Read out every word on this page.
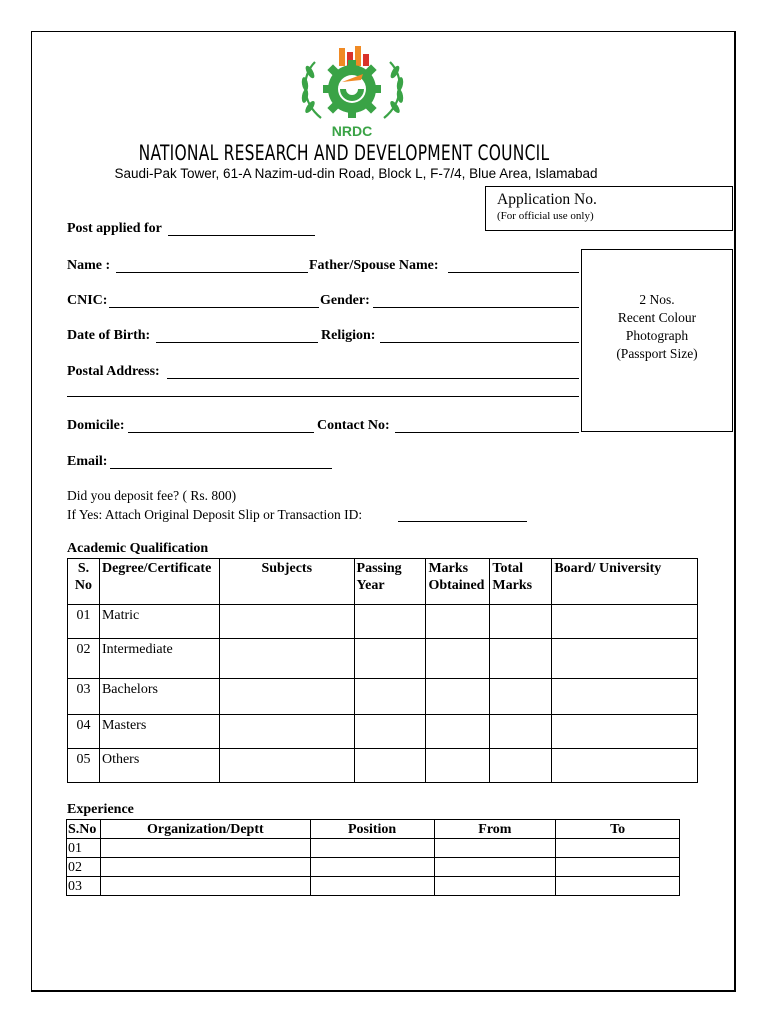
NRDC
NATIONAL RESEARCH AND DEVELOPMENT COUNCIL
Saudi-Pak Tower, 61-A Nazim-ud-din Road, Block L, F-7/4, Blue Area, Islamabad
Application No.
(For official use only)
2 Nos.
Recent Colour
Photograph
(Passport Size)
Post applied for
Name :	Father/Spouse Name:
CNIC:	Gender:
Date of Birth:	Religion:
Postal Address:
Domicile:	Contact No:
Email:
Did you deposit fee? ( Rs. 800)
If Yes: Attach Original Deposit Slip or Transaction ID:
Academic Qualification
S. No	Degree/Certificate	Subjects	Passing Year	Marks Obtained	Total Marks	Board/ University
01	Matric					
02	Intermediate					
03	Bachelors					
04	Masters					
05	Others					
Experience
S.No	Organization/Deptt	Position	From	To
01				
02				
03				
